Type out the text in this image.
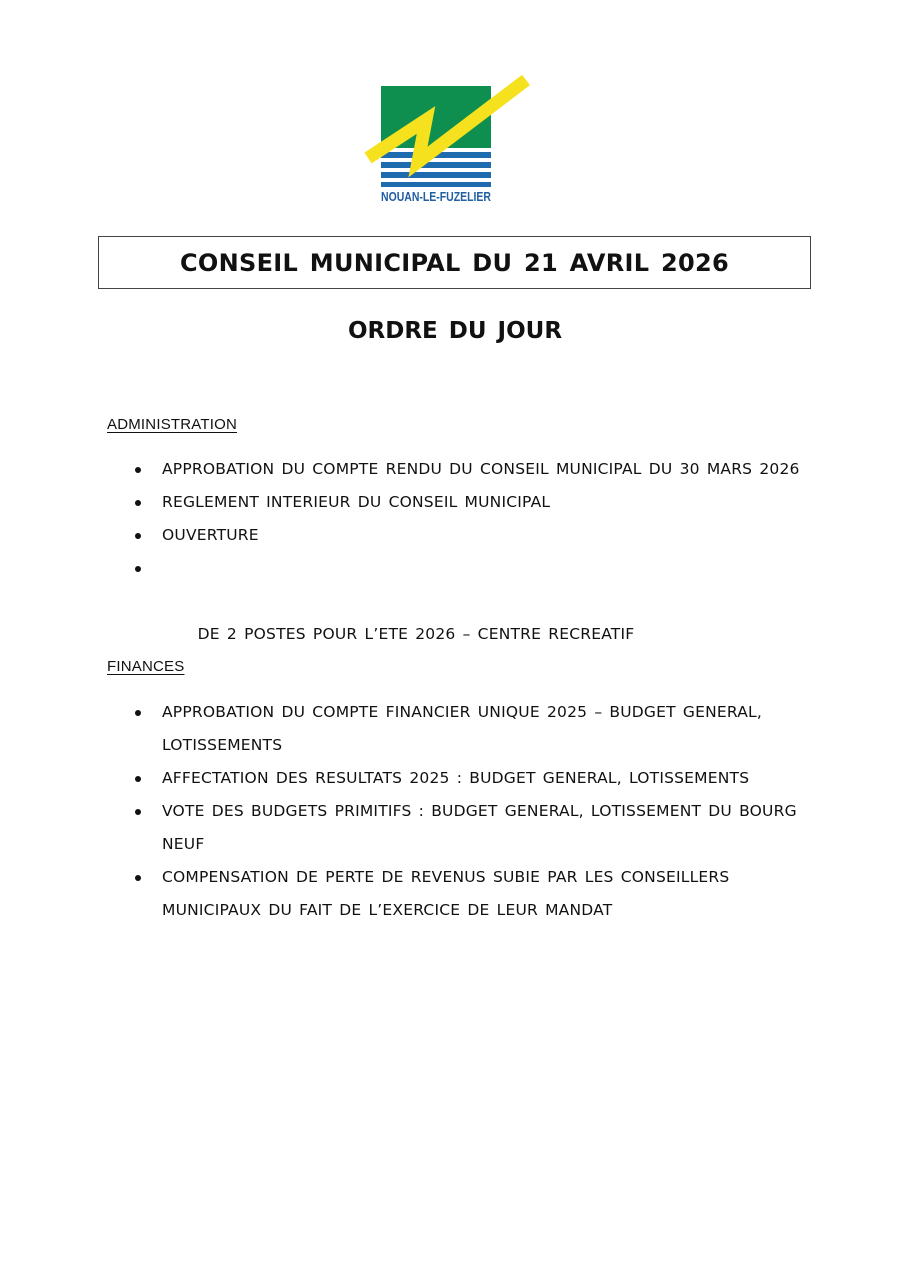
NOUAN-LE-FUZELIER
CONSEIL MUNICIPAL DU 21 AVRIL 2026
ORDRE DU JOUR
ADMINISTRATION
APPROBATION DU COMPTE RENDU DU CONSEIL MUNICIPAL DU 30 MARS 2026
REGLEMENT INTERIEUR DU CONSEIL MUNICIPAL
OUVERTURE

DE 2 POSTES POUR L’ETE 2026 – CENTRE RECREATIF

FINANCES
APPROBATION DU COMPTE FINANCIER UNIQUE 2025 – BUDGET GENERAL, LOTISSEMENTS
AFFECTATION DES RESULTATS 2025 : BUDGET GENERAL, LOTISSEMENTS
VOTE DES BUDGETS PRIMITIFS : BUDGET GENERAL, LOTISSEMENT DU BOURG NEUF
COMPENSATION DE PERTE DE REVENUS SUBIE PAR LES CONSEILLERS MUNICIPAUX DU FAIT DE L’EXERCICE DE LEUR MANDAT
